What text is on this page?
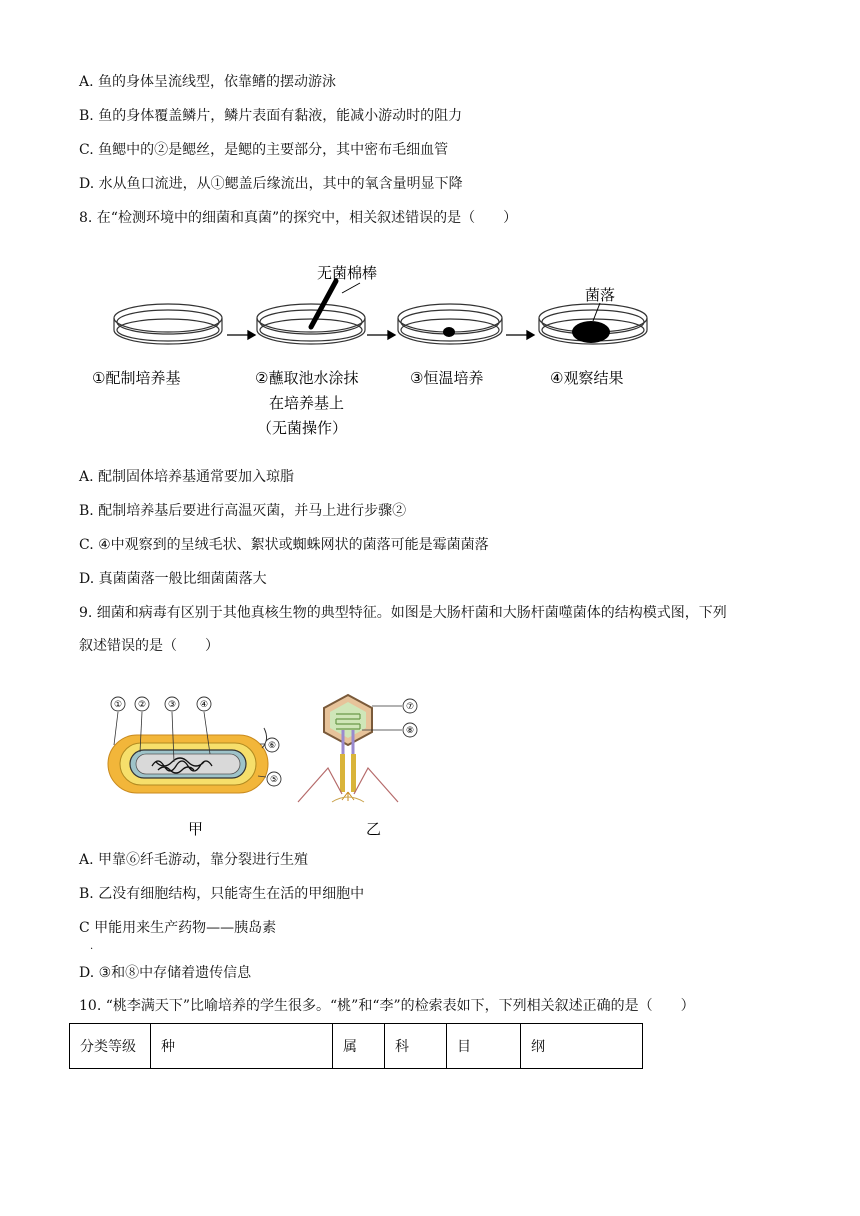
A. 鱼的身体呈流线型，依靠鳍的摆动游泳
B. 鱼的身体覆盖鳞片，鳞片表面有黏液，能减小游动时的阻力
C. 鱼鳃中的②是鳃丝，是鳃的主要部分，其中密布毛细血管
D. 水从鱼口流进，从①鳃盖后缘流出，其中的氧含量明显下降
8. 在“检测环境中的细菌和真菌”的探究中，相关叙述错误的是（　　）
无菌棉棒
菌落
①配制培养基	②蘸取池水涂抹
在培养基上
（无菌操作）
③恒温培养	④观察结果
A. 配制固体培养基通常要加入琼脂
B. 配制培养基后要进行高温灭菌，并马上进行步骤②
C. ④中观察到的呈绒毛状、絮状或蜘蛛网状的菌落可能是霉菌菌落
D. 真菌菌落一般比细菌菌落大
9. 细菌和病毒有区别于其他真核生物的典型特征。如图是大肠杆菌和大肠杆菌噬菌体的结构模式图，下列
叙述错误的是（　　）
① ② ③	④
⑤
⑥
⑦
⑧
甲	乙
A. 甲靠⑥纤毛游动，靠分裂进行生殖
B. 乙没有细胞结构，只能寄生在活的甲细胞中
C 甲能用来生产药物——胰岛素
.
D. ③和⑧中存储着遗传信息
10. “桃李满天下”比喻培养的学生很多。“桃”和“李”的检索表如下，下列相关叙述正确的是（　　）
分类等级	种	属	科	目	纲
